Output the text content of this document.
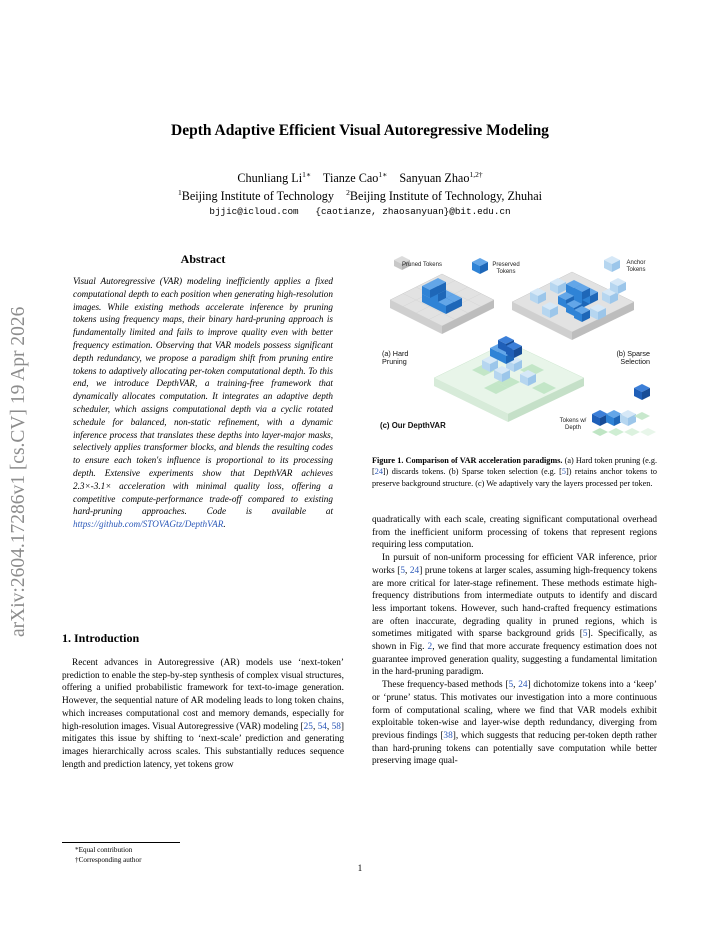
arXiv:2604.17286v1 [cs.CV] 19 Apr 2026
Depth Adaptive Efficient Visual Autoregressive Modeling
Chunliang $Li^{1∗}$ Tianze Cao$^{1∗}$ Sanyuan Zhao$^{1,2\dagger}$
$^1$Beijing Institute of Technology $^2$Beijing Institute of Technology, Zhuhai
bjjic@icloud.com   {caotianze, zhaosanyuan}@bit.edu.cn
Abstract
Visual Autoregressive (VAR) modeling inefficiently applies a fixed computational depth to each position when generating high-resolution images. While existing methods accelerate inference by pruning tokens using frequency maps, their binary hard-pruning approach is fundamentally limited and fails to improve quality even with better frequency estimation. Observing that VAR models possess significant depth redundancy, we propose a paradigm shift from pruning entire tokens to adaptively allocating per-token computational depth. To this end, we introduce DepthVAR, a training-free framework that dynamically allocates computation. It integrates an adaptive depth scheduler, which assigns computational depth via a cyclic rotated schedule for balanced, non-static refinement, with a dynamic inference process that translates these depths into layer-major masks, selectively applies transformer blocks, and blends the resulting codes to ensure each token's influence is proportional to its processing depth. Extensive experiments show that DepthVAR achieves 2.3×-3.1× acceleration with minimal quality loss, offering a competitive compute-performance trade-off compared to existing hard-pruning approaches. Code is available at https://github.com/STOVAGtz/DepthVAR.
1. Introduction
Recent advances in Autoregressive (AR) models use ‘next-token’ prediction to enable the step-by-step synthesis of complex visual structures, offering a unified probabilistic framework for text-to-image generation. However, the sequential nature of AR modeling leads to long token chains, which increases computational cost and memory demands, especially for high-resolution images. Visual Autoregressive (VAR) modeling [25, 54, 58] mitigates this issue by shifting to ‘next-scale’ prediction and generating images hierarchically across scales. This substantially reduces sequence length and prediction latency, yet tokens grow
*Equal contribution
†Corresponding author
Pruned Tokens	Preserved Tokens
Anchor Tokens
(a) Hard Pruning
(b) Sparse Selection
(c) Our DepthVAR	Tokens w/ Depth
Figure 1. Comparison of VAR acceleration paradigms. (a) Hard token pruning (e.g. [24]) discards tokens. (b) Sparse token selection (e.g. [5]) retains anchor tokens to preserve background structure. (c) We adaptively vary the layers processed per token.
quadratically with each scale, creating significant computational overhead from the inefficient uniform processing of tokens that represent regions requiring less computation.
In pursuit of non-uniform processing for efficient VAR inference, prior works [5, 24] prune tokens at larger scales, assuming high-frequency tokens are more critical for later-stage refinement. These methods estimate high-frequency distributions from intermediate outputs to identify and discard less important tokens. However, such hand-crafted frequency estimations are often inaccurate, degrading quality in pruned regions, which is sometimes mitigated with sparse background grids [5]. Specifically, as shown in Fig. 2, we find that more accurate frequency estimation does not guarantee improved generation quality, suggesting a fundamental limitation in the hard-pruning paradigm.
These frequency-based methods [5, 24] dichotomize tokens into a ‘keep’ or ‘prune’ status. This motivates our investigation into a more continuous form of computational scaling, where we find that VAR models exhibit exploitable token-wise and layer-wise depth redundancy, diverging from previous findings [38], which suggests that reducing per-token depth rather than hard-pruning tokens can potentially save computation while better preserving image qual-
1
